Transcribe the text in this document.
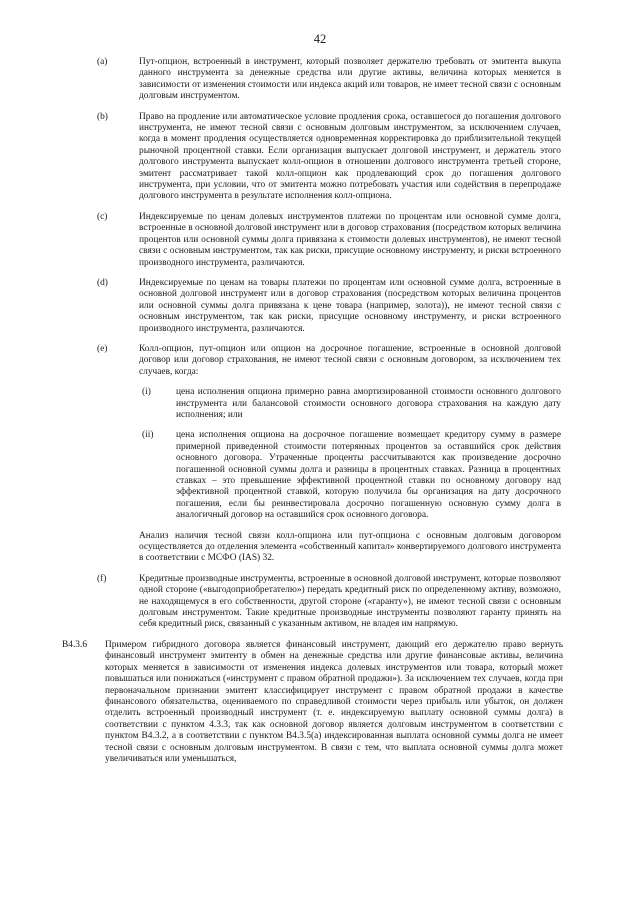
42
(a)	Пут-опцион, встроенный в инструмент, который позволяет держателю требовать от эмитента выкупа данного инструмента за денежные средства или другие активы, величина которых меняется в зависимости от изменения стоимости или индекса акций или товаров, не имеет тесной связи с основным долговым инструментом.
(b)	Право на продление или автоматическое условие продления срока, оставшегося до погашения долгового инструмента, не имеют тесной связи с основным долговым инструментом, за исключением случаев, когда в момент продления осуществляется одновременная корректировка до приблизительной текущей рыночной процентной ставки. Если организация выпускает долговой инструмент, и держатель этого долгового инструмента выпускает колл-опцион в отношении долгового инструмента третьей стороне, эмитент рассматривает такой колл-опцион как продлевающий срок до погашения долгового инструмента, при условии, что от эмитента можно потребовать участия или содействия в перепродаже долгового инструмента в результате исполнения колл-опциона.
(c)	Индексируемые по ценам долевых инструментов платежи по процентам или основной сумме долга, встроенные в основной долговой инструмент или в договор страхования (посредством которых величина процентов или основной суммы долга привязана к стоимости долевых инструментов), не имеют тесной связи с основным инструментом, так как риски, присущие основному инструменту, и риски встроенного производного инструмента, различаются.
(d)	Индексируемые по ценам на товары платежи по процентам или основной сумме долга, встроенные в основной долговой инструмент или в договор страхования (посредством которых величина процентов или основной суммы долга привязана к цене товара (например, золота)), не имеют тесной связи с основным инструментом, так как риски, присущие основному инструменту, и риски встроенного производного инструмента, различаются.
(e)	Колл-опцион, пут-опцион или опцион на досрочное погашение, встроенные в основной долговой договор или договор страхования, не имеют тесной связи с основным договором, за исключением тех случаев, когда:
(i)	цена исполнения опциона примерно равна амортизированной стоимости основного долгового инструмента или балансовой стоимости основного договора страхования на каждую дату исполнения; или
(ii) цена исполнения опциона на досрочное погашение возмещает кредитору сумму в размере примерной приведенной стоимости потерянных процентов за оставшийся срок действия основного договора. Утраченные проценты рассчитываются как произведение досрочно погашенной основной суммы долга и разницы в процентных ставках. Разница в процентных ставках – это превышение эффективной процентной ставки по основному договору над эффективной процентной ставкой, которую получила бы организация на дату досрочного погашения, если бы реинвестировала досрочно погашенную основную сумму долга в аналогичный договор на оставшийся срок основного договора.
Анализ наличия тесной связи колл-опциона или пут-опциона с основным долговым договором осуществляется до отделения элемента «собственный капитал» конвертируемого долгового инструмента в соответствии с МСФО (IAS) 32.
(f)	Кредитные производные инструменты, встроенные в основной долговой инструмент, которые позволяют одной стороне («выгодоприобретателю») передать кредитный риск по определенному активу, возможно, не находящемуся в его собственности, другой стороне («гаранту»), не имеют тесной связи с основным долговым инструментом. Такие кредитные производные инструменты позволяют гаранту принять на себя кредитный риск, связанный с указанным активом, не владея им напрямую.
B4.3.6 Примером гибридного договора является финансовый инструмент, дающий его держателю право вернуть финансовый инструмент эмитенту в обмен на денежные средства или другие финансовые активы, величина которых меняется в зависимости от изменения индекса долевых инструментов или товара, который может повышаться или понижаться («инструмент с правом обратной продажи»). За исключением тех случаев, когда при первоначальном признании эмитент классифицирует инструмент с правом обратной продажи в качестве финансового обязательства, оцениваемого по справедливой стоимости через прибыль или убыток, он должен отделить встроенный производный инструмент (т. е. индексируемую выплату основной суммы долга) в соответствии с пунктом 4.3.3, так как основной договор является долговым инструментом в соответствии с пунктом B4.3.2, а в соответствии с пунктом B4.3.5(a) индексированная выплата основной суммы долга не имеет тесной связи с основным долговым инструментом. В связи с тем, что выплата основной суммы долга может увеличиваться или уменьшаться,
